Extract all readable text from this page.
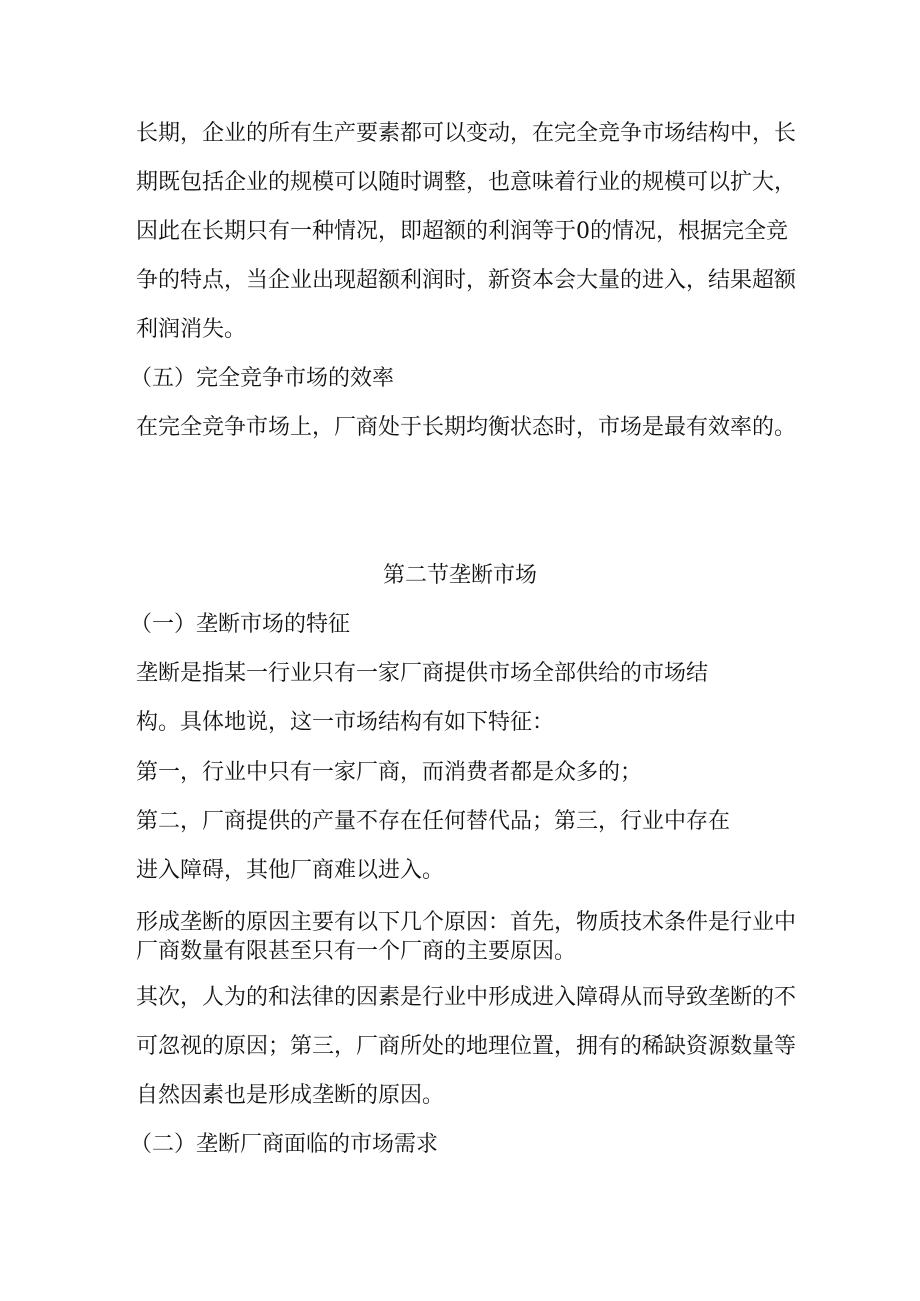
长期，企业的所有生产要素都可以变动，在完全竞争市场结构中，长

期既包括企业的规模可以随时调整，也意味着行业的规模可以扩大，

因此在长期只有一种情况，即超额的利润等于0的情况，根据完全竞

争的特点，当企业出现超额利润时，新资本会大量的进入，结果超额

利润消失。

（五）完全竞争市场的效率

在完全竞争市场上，厂商处于长期均衡状态时，市场是最有效率的。

第二节垄断市场

（一）垄断市场的特征

垄断是指某一行业只有一家厂商提供市场全部供给的市场结

构。具体地说，这一市场结构有如下特征：

第一，行业中只有一家厂商，而消费者都是众多的；

第二，厂商提供的产量不存在任何替代品；第三，行业中存在

进入障碍，其他厂商难以进入。

形成垄断的原因主要有以下几个原因：首先，物质技术条件是行业中

厂商数量有限甚至只有一个厂商的主要原因。

其次，人为的和法律的因素是行业中形成进入障碍从而导致垄断的不

可忽视的原因；第三，厂商所处的地理位置，拥有的稀缺资源数量等

自然因素也是形成垄断的原因。

（二）垄断厂商面临的市场需求
